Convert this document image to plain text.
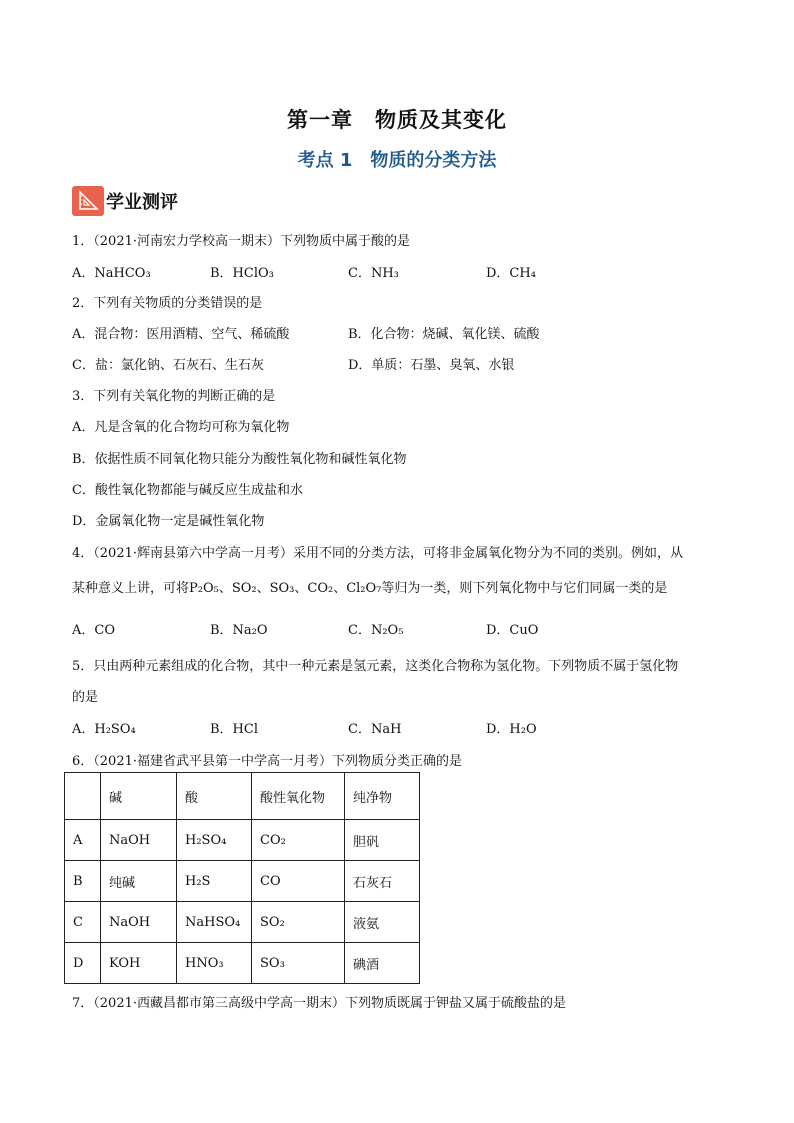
第一章　物质及其变化
考点 1　物质的分类方法
学业测评
1．（2021·河南宏力学校高一期末）下列物质中属于酸的是
A．NaHCO₃	B．HClO₃	C．NH₃	D．CH₄
2．下列有关物质的分类错误的是
A．混合物：医用酒精、空气、稀硫酸	B．化合物：烧碱、氧化镁、硫酸
C．盐：氯化钠、石灰石、生石灰	D．单质：石墨、臭氧、水银
3．下列有关氧化物的判断正确的是
A．凡是含氧的化合物均可称为氧化物
B．依据性质不同氧化物只能分为酸性氧化物和碱性氧化物
C．酸性氧化物都能与碱反应生成盐和水
D．金属氧化物一定是碱性氧化物
4．（2021·辉南县第六中学高一月考）采用不同的分类方法，可将非金属氧化物分为不同的类别。例如，从
某种意义上讲，可将P₂O₅、SO₂、SO₃、CO₂、Cl₂O₇等归为一类，则下列氧化物中与它们同属一类的是
A．CO	B．Na₂O	C．N₂O₅	D．CuO
5．只由两种元素组成的化合物，其中一种元素是氢元素，这类化合物称为氢化物。下列物质不属于氢化物
的是
A．H₂SO₄	B．HCl	C．NaH	D．H₂O
6．（2021·福建省武平县第一中学高一月考）下列物质分类正确的是
	碱	酸	酸性氧化物	纯净物
A	NaOH	H₂SO₄	CO₂	胆矾
B	纯碱	H₂S	CO	石灰石
C	NaOH	NaHSO₄	SO₂	液氨
D	KOH	HNO₃	SO₃	碘酒
7．（2021·西藏昌都市第三高级中学高一期末）下列物质既属于钾盐又属于硫酸盐的是
